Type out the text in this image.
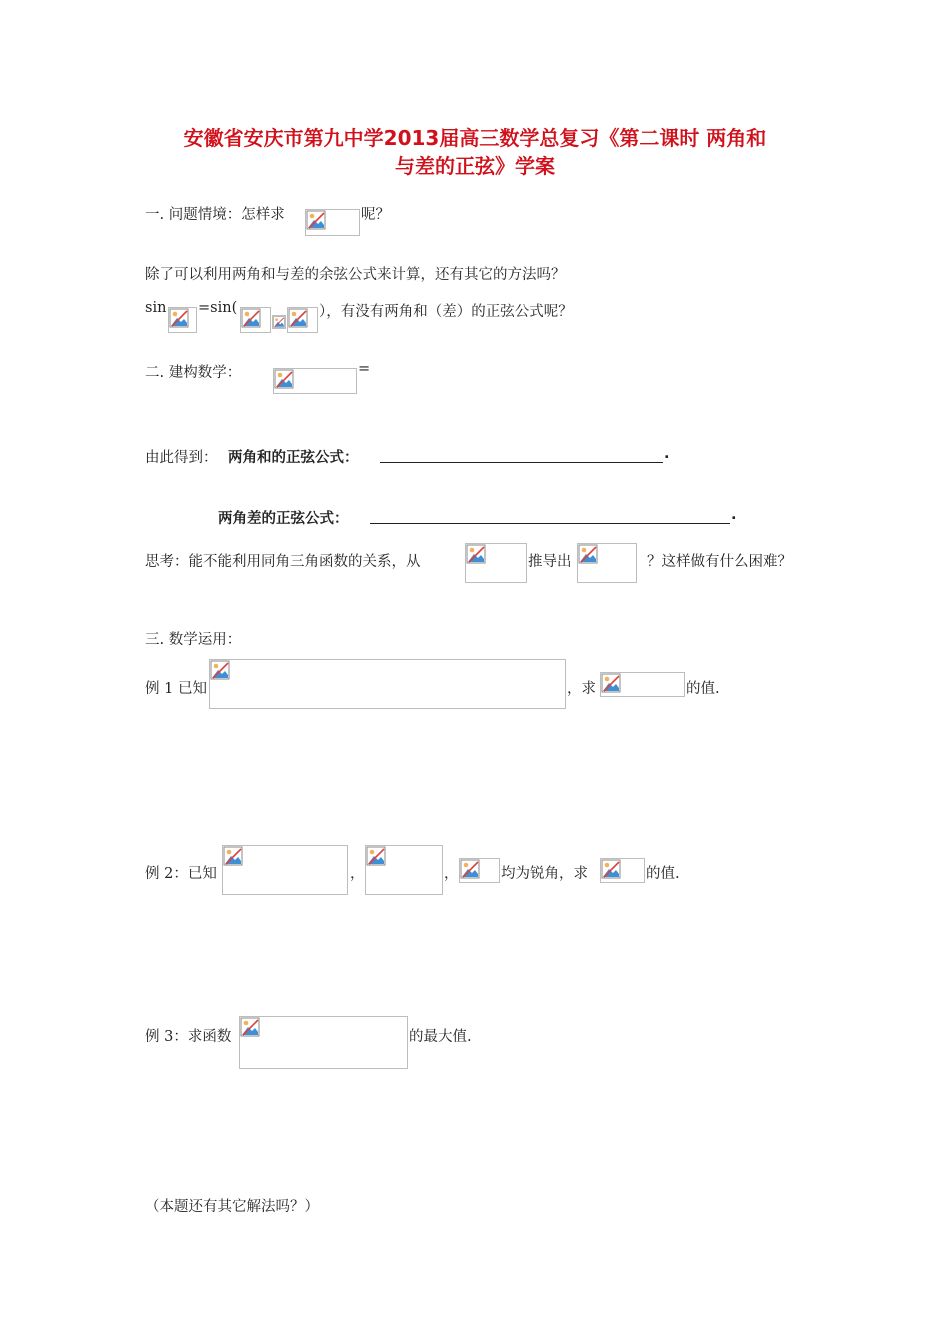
安徽省安庆市第九中学2013届高三数学总复习《第二课时 两角和
与差的正弦》学案
一. 问题情境：怎样求	呢？
除了可以利用两角和与差的余弦公式来计算，还有其它的方法吗？
sin =sin(	），有没有两角和（差）的正弦公式呢？
二. 建构数学：	=
由此得到： 两角和的正弦公式：	.
两角差的正弦公式：	.
思考：能不能利用同角三角函数的关系，从	推导出	？这样做有什么困难？
三. 数学运用：
例 1 已知	，求	的值.
例 2：已知	，	，	均为锐角，求	的值.
例 3：求函数	的最大值.
（本题还有其它解法吗？）
